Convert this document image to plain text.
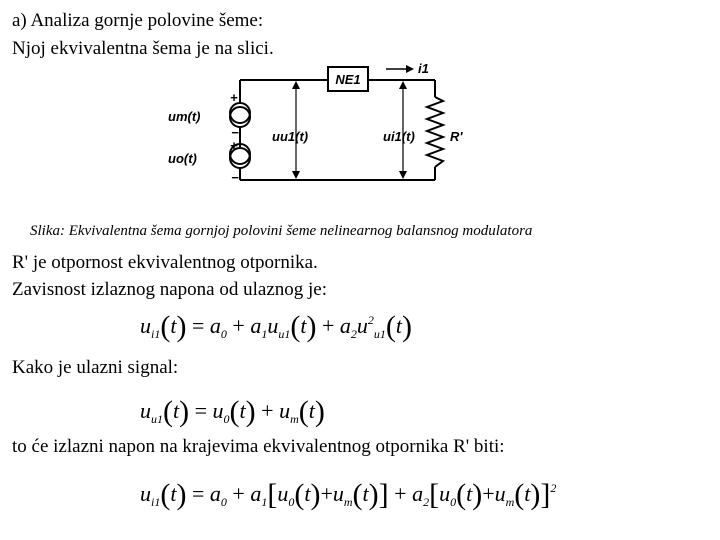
a) Analiza gornje polovine šeme:
Njoj ekvivalentna šema je na slici.
NE1
i1
uu1(t)	ui1(t)	R'
um(t)
uo(t)
+
−
+
−
Slika: Ekvivalentna šema gornjoj polovini šeme nelinearnog balansnog modulatora
R' je otpornost ekvivalentnog otpornika.
Zavisnost izlaznog napona od ulaznog je:
$u_{i1}(t) = a_0 + a_1u_{u1}(t) + a_2u^2_{u1}(t)$
Kako je ulazni signal:
$u_{u1}(t) = u_0(t) + u_m(t)$
to će izlazni napon na krajevima ekvivalentnog otpornika R' biti:
$u_{i1}(t) = a_0 + a_1[u_0(t)+u_m(t)] + a_2[u_0(t)+u_m(t)]^2$
